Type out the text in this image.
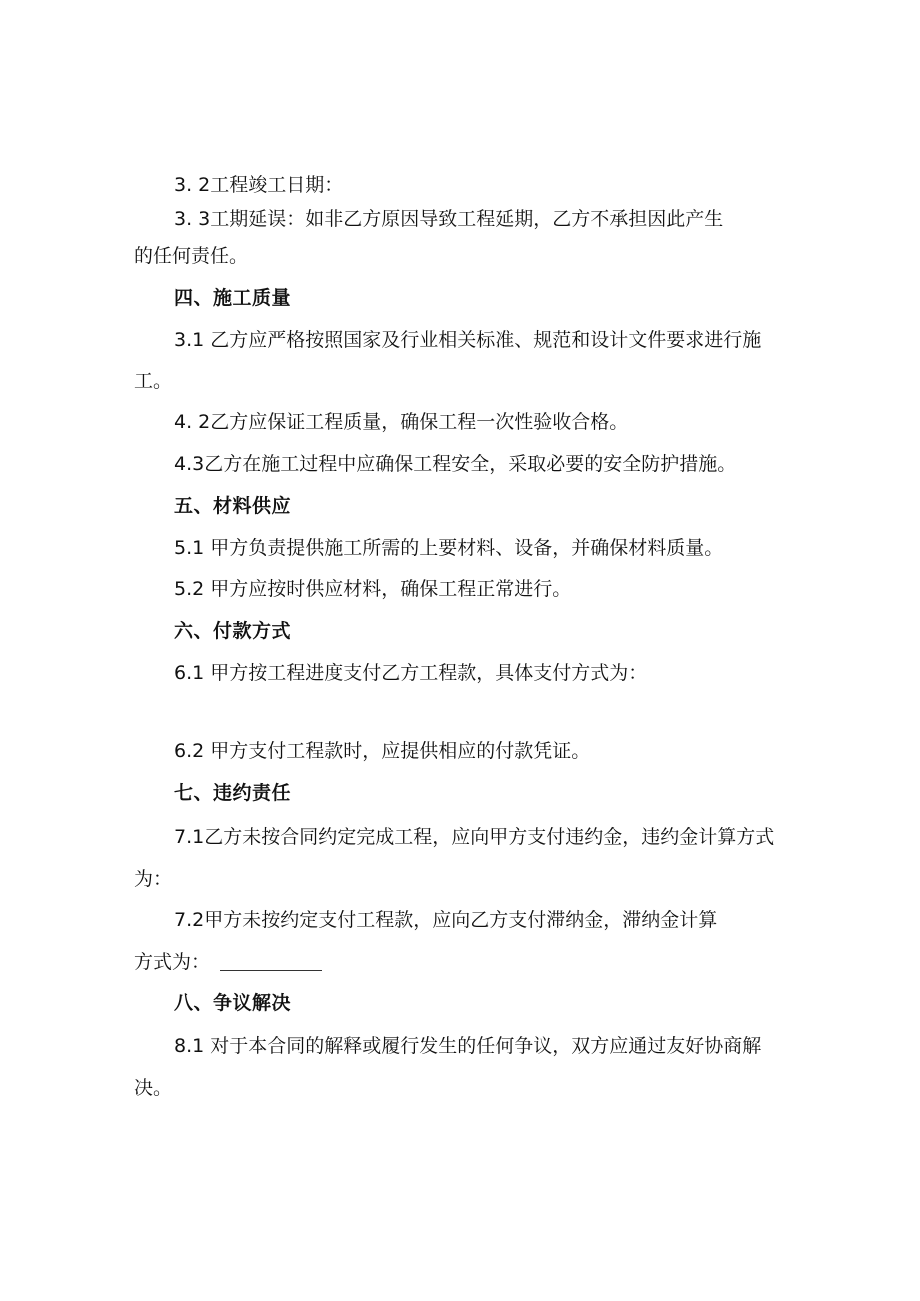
3. 2工程竣工日期：
3. 3工期延误：如非乙方原因导致工程延期，乙方不承担因此产生
的任何责任。
四、施工质量
3.1 乙方应严格按照国家及行业相关标准、规范和设计文件要求进行施
工。
4. 2乙方应保证工程质量，确保工程一次性验收合格。
4.3乙方在施工过程中应确保工程安全，采取必要的安全防护措施。
五、材料供应
5.1 甲方负责提供施工所需的上要材料、设备，并确保材料质量。
5.2 甲方应按时供应材料，确保工程正常进行。
六、付款方式
6.1 甲方按工程进度支付乙方工程款，具体支付方式为：
6.2 甲方支付工程款时，应提供相应的付款凭证。
七、违约责任
7.1乙方未按合同约定完成工程，应向甲方支付违约金，违约金计算方式
为：
7.2甲方未按约定支付工程款，应向乙方支付滞纳金，滞纳金计算
方式为：
八、争议解决
8.1 对于本合同的解释或履行发生的任何争议，双方应通过友好协商解
决。
